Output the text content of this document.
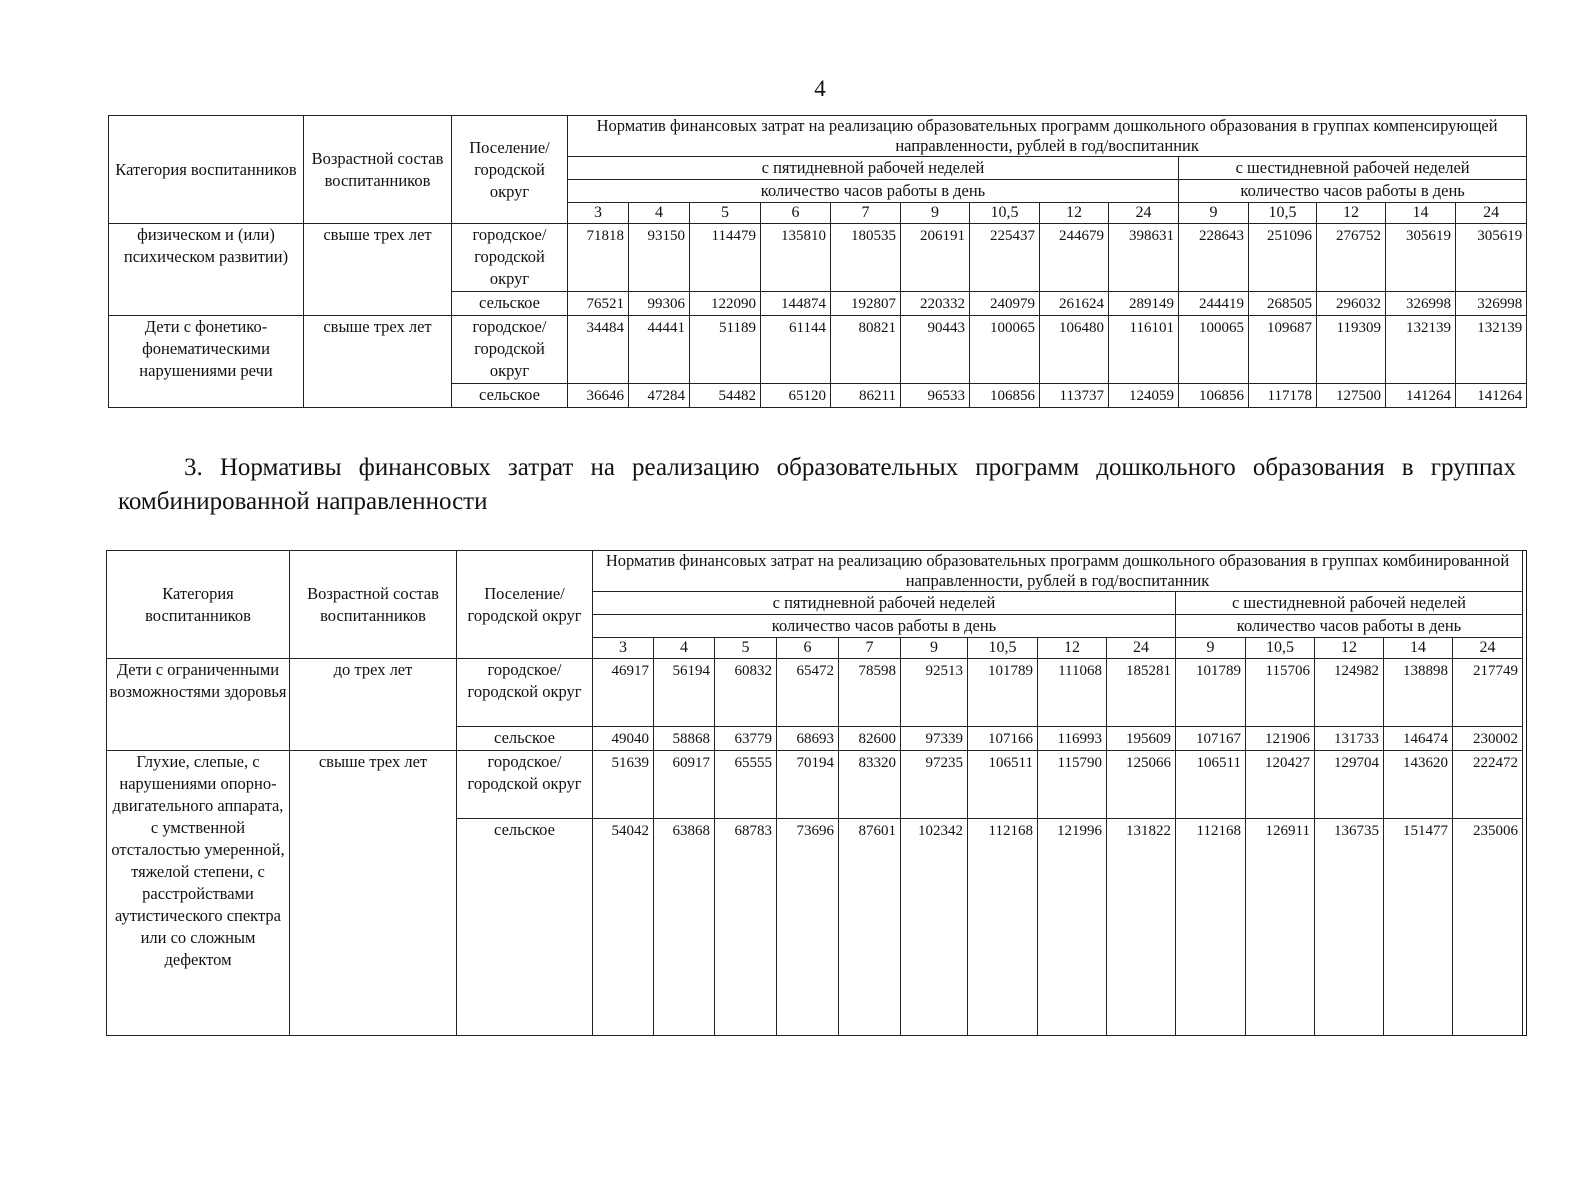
4
Категория воспитанников	Возрастной состав воспитанников	Поселение/ городской округ	Норматив финансовых затрат на реализацию образовательных программ дошкольного образования в группах компенсирующей направленности, рублей в год/воспитанник													

			с пятидневной рабочей неделей									с шестидневной рабочей неделей				
			количество часов работы в день									количество часов работы в день				
			3	4	5	6	7	9	10,5	12	24	9	10,5	12	14	24
физическом и (или) психическом развитии)	свыше трех лет	городское/ городской округ	71818	93150	114479	135810	180535	206191	225437	244679	398631	228643	251096	276752	305619	305619
		сельское	76521	99306	122090	144874	192807	220332	240979	261624	289149	244419	268505	296032	326998	326998
Дети с фонетико-фонематическими нарушениями речи	свыше трех лет	городское/ городской округ	34484	44441	51189	61144	80821	90443	100065	106480	116101	100065	109687	119309	132139	132139
		сельское	36646	47284	54482	65120	86211	96533	106856	113737	124059	106856	117178	127500	141264	141264
3. Нормативы финансовых затрат на реализацию образовательных программ дошкольного образования в группах комбинированной направленности
Категория воспитанников	Возрастной состав воспитанников	Поселение/ городской округ	Норматив финансовых затрат на реализацию образовательных программ дошкольного образования в группах комбинированной направленности, рублей в год/воспитанник													

			с пятидневной рабочей неделей									с шестидневной рабочей неделей				
			количество часов работы в день									количество часов работы в день				
			3	4	5	6	7	9	10,5	12	24	9	10,5	12	14	24
Дети с ограниченными возможностями здоровья	до трех лет	городское/ городской округ	46917	56194	60832	65472	78598	92513	101789	111068	185281	101789	115706	124982	138898	217749
		сельское	49040	58868	63779	68693	82600	97339	107166	116993	195609	107167	121906	131733	146474	230002
Глухие, слепые, с нарушениями опорно-двигательного аппарата, с умственной отсталостью умеренной, тяжелой степени, с расстройствами аутистического спектра или со сложным дефектом	свыше трех лет	городское/ городской округ	51639	60917	65555	70194	83320	97235	106511	115790	125066	106511	120427	129704	143620	222472
		сельское	54042	63868	68783	73696	87601	102342	112168	121996	131822	112168	126911	136735	151477	235006
